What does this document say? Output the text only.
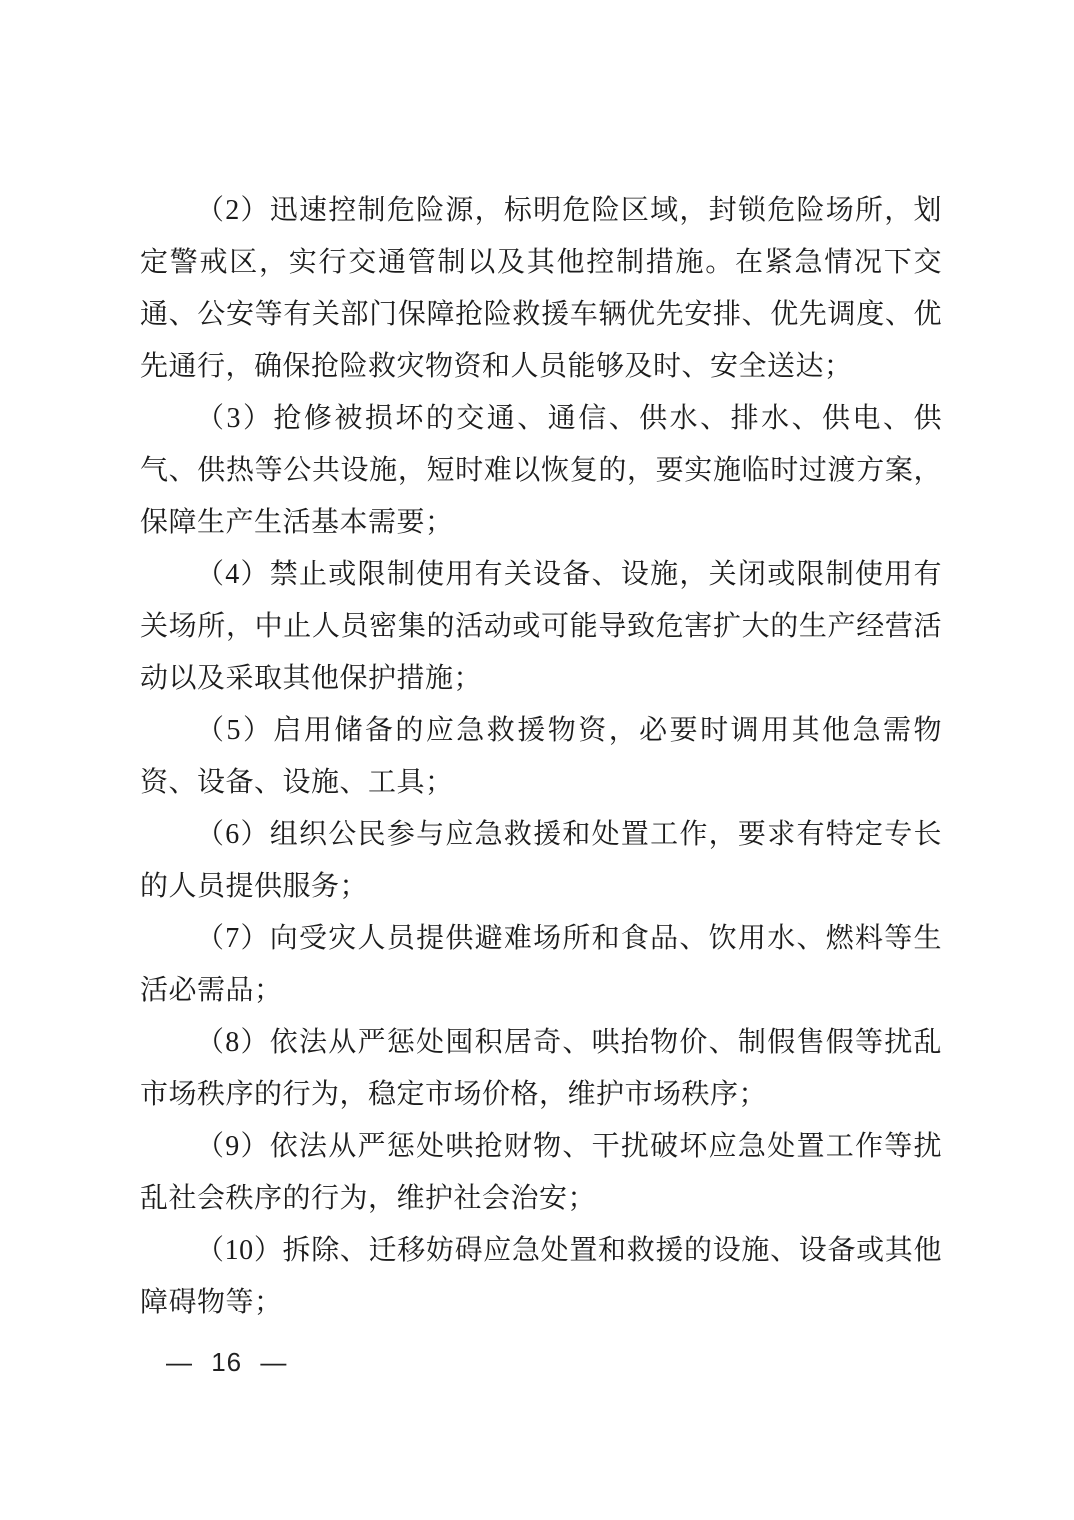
（2）迅速控制危险源，标明危险区域，封锁危险场所，划定警戒区，实行交通管制以及其他控制措施。在紧急情况下交通、公安等有关部门保障抢险救援车辆优先安排、优先调度、优先通行，确保抢险救灾物资和人员能够及时、安全送达；

（3）抢修被损坏的交通、通信、供水、排水、供电、供气、供热等公共设施，短时难以恢复的，要实施临时过渡方案，保障生产生活基本需要；

（4）禁止或限制使用有关设备、设施，关闭或限制使用有关场所，中止人员密集的活动或可能导致危害扩大的生产经营活动以及采取其他保护措施；

（5）启用储备的应急救援物资，必要时调用其他急需物资、设备、设施、工具；

（6）组织公民参与应急救援和处置工作，要求有特定专长的人员提供服务；

（7）向受灾人员提供避难场所和食品、饮用水、燃料等生活必需品；

（8）依法从严惩处囤积居奇、哄抬物价、制假售假等扰乱市场秩序的行为，稳定市场价格，维护市场秩序；

（9）依法从严惩处哄抢财物、干扰破坏应急处置工作等扰乱社会秩序的行为，维护社会治安；

（10）拆除、迁移妨碍应急处置和救援的设施、设备或其他障碍物等；

— 16 —
